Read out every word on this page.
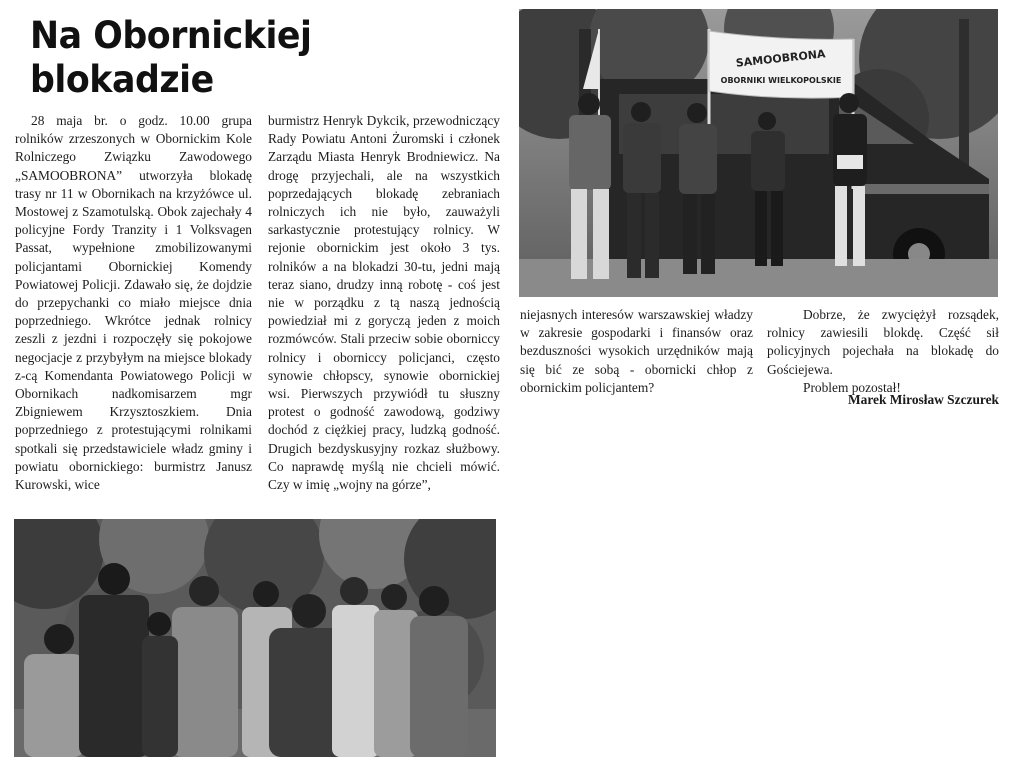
Na Obornickiej
blokadzie

28 maja br. o godz. 10.00 grupa rolników zrzeszonych w Obornickim Kole Rolniczego Związku Zawodowego „SAMOOBRONA” utworzyła blokadę trasy nr 11 w Obornikach na krzyżówce ul. Mostowej z Szamotulską. Obok zajechały 4 policyjne Fordy Tranzity i 1 Volksvagen Passat, wypełnione zmobilizowanymi policjantami Obornickiej Komendy Powiatowej Policji. Zdawało się, że dojdzie do przepychanki co miało miejsce dnia poprzedniego. Wkrótce jednak rolnicy zeszli z jezdni i rozpoczęły się pokojowe negocjacje z przybyłym na miejsce blokady z-cą Komendanta Powiatowego Policji w Obornikach nadkomisarzem mgr Zbigniewem Krzysztoszkiem. Dnia poprzedniego z protestującymi rolnikami spotkali się przedstawiciele władz gminy i powiatu obornickiego: burmistrz Janusz Kurowski, wice

burmistrz Henryk Dykcik, przewodniczący Rady Powiatu Antoni Żuromski i członek Zarządu Miasta Henryk Brodniewicz. Na drogę przyjechali, ale na wszystkich poprzedających blokadę zebraniach rolniczych ich nie było, zauważyli sarkastycznie protestujący rolnicy. W rejonie obornickim jest około 3 tys. rolników a na blokadzi 30-tu, jedni mają teraz siano, drudzy inną robotę - coś jest nie w porządku z tą naszą jednością powiedział mi z goryczą jeden z moich rozmówców. Stali przeciw sobie oborniccy rolnicy i oborniccy policjanci, często synowie chłopscy, synowie obornickiej wsi. Pierwszych przywiódł tu słuszny protest o godność zawodową, godziwy dochód z ciężkiej pracy, ludzką godność. Drugich bezdyskusyjny rozkaz służbowy. Co naprawdę myślą nie chcieli mówić. Czy w imię „wojny na górze”,

niejasnych interesów warszawskiej władzy w zakresie gospodarki i finansów oraz bezduszności wysokich urzędników mają się bić ze sobą - obornicki chłop z obornickim policjantem?

Dobrze, że zwyciężył rozsądek, rolnicy zawiesili blokdę. Część sił policyjnych pojechała na blokadę do Gościejewa.

Problem pozostał!

Marek Mirosław Szczurek
SAMOOBRONA
OBORNIKI WIELKOPOLSKIE
